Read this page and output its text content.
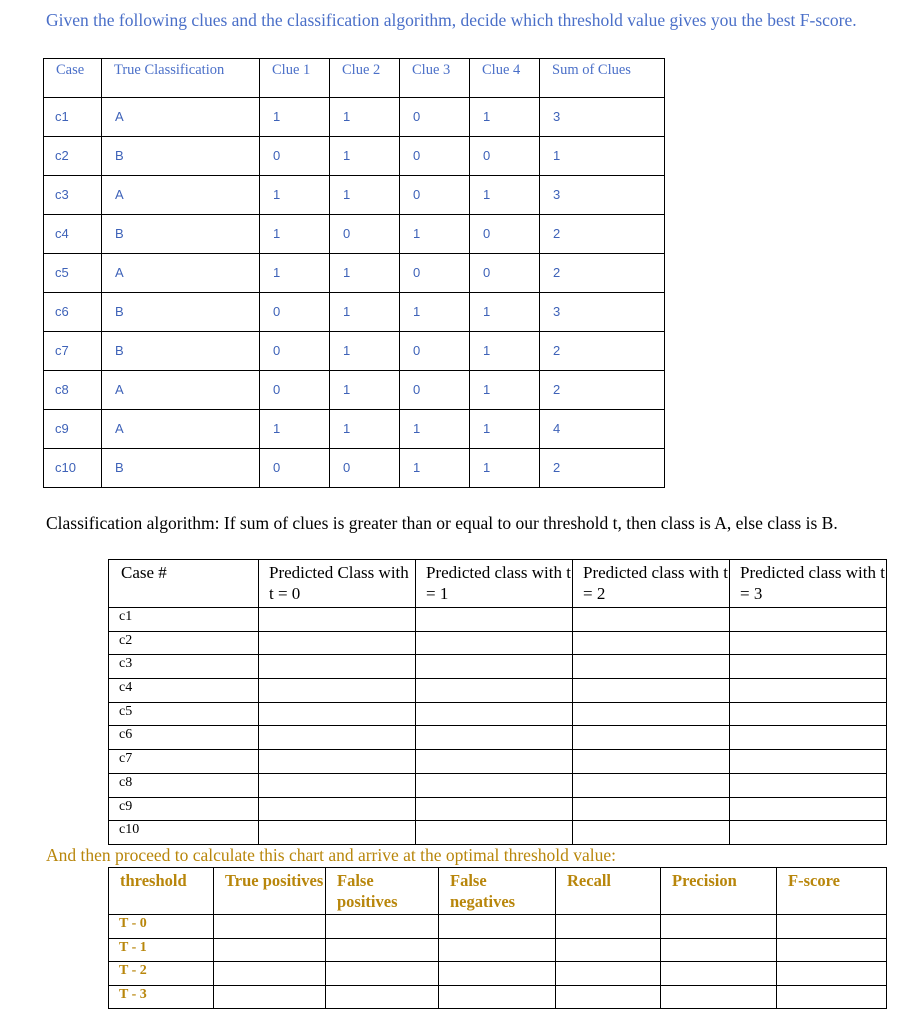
Given the following clues and the classification algorithm, decide which threshold value gives you the best F-score.
Case	True Classification	Clue 1	Clue 2	Clue 3	Clue 4	Sum of Clues
c1	A	1	1	0	1	3
c2	B	0	1	0	0	1
c3	A	1	1	0	1	3
c4	B	1	0	1	0	2
c5	A	1	1	0	0	2
c6	B	0	1	1	1	3
c7	B	0	1	0	1	2
c8	A	0	1	0	1	2
c9	A	1	1	1	1	4
c10	B	0	0	1	1	2
Classification algorithm: If sum of clues is greater than or equal to our threshold t, then class is A, else class is B.
Case #	Predicted Class with t = 0	Predicted class with t = 1	Predicted class with t = 2	Predicted class with t = 3
c1				
c2				
c3				
c4				
c5				
c6				
c7				
c8				
c9				
c10				
And then proceed to calculate this chart and arrive at the optimal threshold value:
threshold	True positives	False positives	False negatives	Recall	Precision	F-score
T - 0						
T - 1						
T - 2						
T - 3						
